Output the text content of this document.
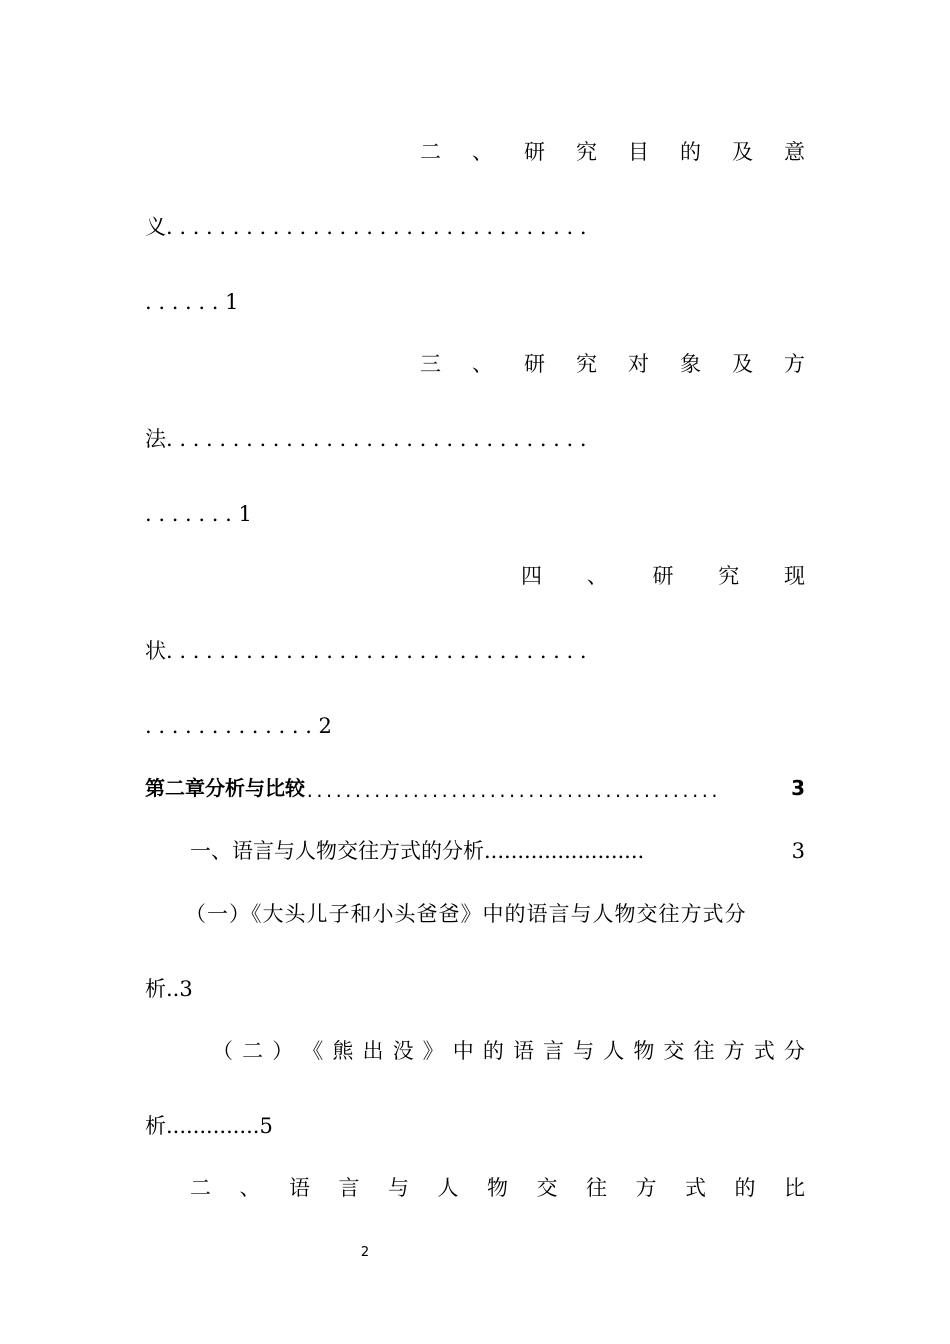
二 、 研 究 目 的 及 意
义. . . . . . . . . . . . . . . . . . . . . . . . . . . . . . . .
. . . . . . 1
三 、 研 究 对 象 及 方
法. . . . . . . . . . . . . . . . . . . . . . . . . . . . . . . .
. . . . . . . 1
四 、 研 究 现
状. . . . . . . . . . . . . . . . . . . . . . . . . . . . . . . .
. . . . . . . . . . . . . 2
第二章分析与比较 ...........................................	3
一、语言与人物交往方式的分析 ........................	3
（一）《大头儿子和小头爸爸》中的语言与人物交往方式分
析..3
（ 二 ） 《 熊 出 没 》 中 的 语 言 与 人 物 交 往 方 式 分
析..............5
二 、 语 言 与 人 物 交 往 方 式 的 比
2
